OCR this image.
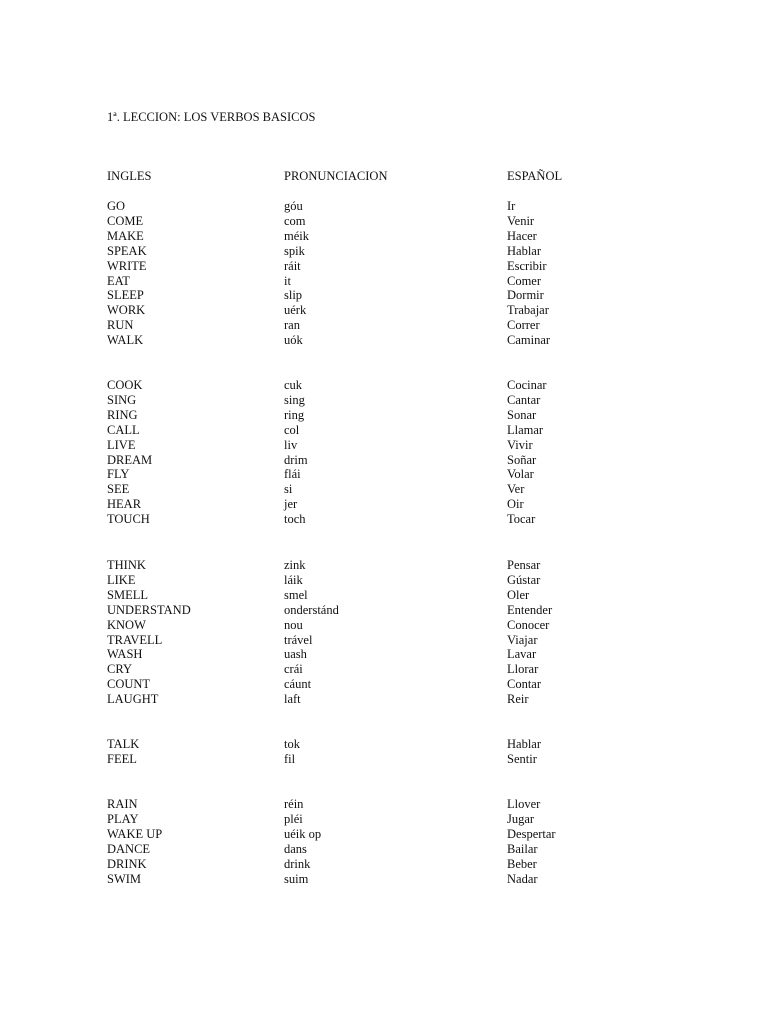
1ª. LECCION: LOS VERBOS BASICOS
INGLES	PRONUNCIACION	ESPAÑOL
GO	góu	Ir
COME	com	Venir
MAKE	méik	Hacer
SPEAK	spik	Hablar
WRITE	ráit	Escribir
EAT	it	Comer
SLEEP	slip	Dormir
WORK	uérk	Trabajar
RUN	ran	Correr
WALK	uók	Caminar
COOK	cuk	Cocinar
SING	sing	Cantar
RING	ring	Sonar
CALL	col	Llamar
LIVE	liv	Vivir
DREAM	drim	Soñar
FLY	flái	Volar
SEE	si	Ver
HEAR	jer	Oir
TOUCH	toch	Tocar
THINK	zink	Pensar
LIKE	láik	Gústar
SMELL	smel	Oler
UNDERSTAND	onderstánd	Entender
KNOW	nou	Conocer
TRAVELL	trável	Viajar
WASH	uash	Lavar
CRY	crái	Llorar
COUNT	cáunt	Contar
LAUGHT	laft	Reir
TALK	tok	Hablar
FEEL	fil	Sentir
RAIN	réin	Llover
PLAY	pléi	Jugar
WAKE UP	uéik op	Despertar
DANCE	dans	Bailar
DRINK	drink	Beber
SWIM	suim	Nadar
